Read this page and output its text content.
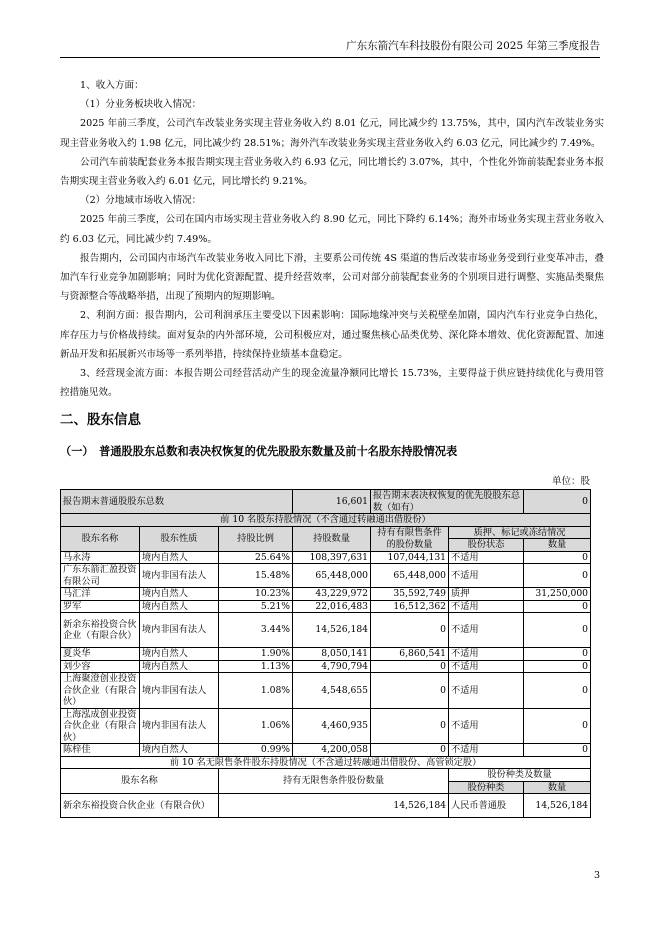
广东东箭汽车科技股份有限公司 2025 年第三季度报告

1、收入方面：

（1）分业务板块收入情况：

2025 年前三季度，公司汽车改装业务实现主营业务收入约 8.01 亿元，同比减少约 13.75%，其中，国内汽车改装业务实现主营业务收入约 1.98 亿元，同比减少约 28.51%；海外汽车改装业务实现主营业务收入约 6.03 亿元，同比减少约 7.49%。

公司汽车前装配套业务本报告期实现主营业务收入约 6.93 亿元，同比增长约 3.07%，其中，个性化外饰前装配套业务本报告期实现主营业务收入约 6.01 亿元，同比增长约 9.21%。

（2）分地域市场收入情况：

2025 年前三季度，公司在国内市场实现主营业务收入约 8.90 亿元，同比下降约 6.14%；海外市场业务实现主营业务收入约 6.03 亿元，同比减少约 7.49%。

报告期内，公司国内市场汽车改装业务收入同比下滑，主要系公司传统 4S 渠道的售后改装市场业务受到行业变革冲击，叠加汽车行业竞争加剧影响；同时为优化资源配置、提升经营效率，公司对部分前装配套业务的个别项目进行调整、实施品类聚焦与资源整合等战略举措，出现了预期内的短期影响。

2、利润方面：报告期内，公司利润承压主要受以下因素影响：国际地缘冲突与关税壁垒加剧，国内汽车行业竞争白热化，库存压力与价格战持续。面对复杂的内外部环境，公司积极应对，通过聚焦核心品类优势、深化降本增效、优化资源配置、加速新品开发和拓展新兴市场等一系列举措，持续保持业绩基本盘稳定。

3、经营现金流方面：本报告期公司经营活动产生的现金流量净额同比增长 15.73%，主要得益于供应链持续优化与费用管控措施见效。

二、股东信息
（一）　普通股股东总数和表决权恢复的优先股股东数量及前十名股东持股情况表
单位：股
报告期末普通股股东总数			16,601	报告期末表决权恢复的优先股股东总数（如有）		0
前 10 名股东持股情况（不含通过转融通出借股份）						
股东名称	股东性质	持股比例	持股数量	持有有限售条件的股份数量	质押、标记或冻结情况	
					股份状态	数量
马永涛	境内自然人	25.64%	108,397,631	107,044,131	不适用	0
广东东箭汇盈投资有限公司	境内非国有法人	15.48%	65,448,000	65,448,000	不适用	0
马汇洋	境内自然人	10.23%	43,229,972	35,592,749	质押	31,250,000
罗军	境内自然人	5.21%	22,016,483	16,512,362	不适用	0
新余东裕投资合伙企业（有限合伙）	境内非国有法人	3.44%	14,526,184	0	不适用	0
夏炎华	境内自然人	1.90%	8,050,141	6,860,541	不适用	0
刘少容	境内自然人	1.13%	4,790,794	0	不适用	0
上海聚澄创业投资合伙企业（有限合伙）	境内非国有法人	1.08%	4,548,655	0	不适用	0
上海泓成创业投资合伙企业（有限合伙）	境内非国有法人	1.06%	4,460,935	0	不适用	0
陈梓佳	境内自然人	0.99%	4,200,058	0	不适用	0
前 10 名无限售条件股东持股情况（不含通过转融通出借股份、高管锁定股）						
股东名称		持有无限售条件股份数量			股份种类及数量	
					股份种类	数量
新余东裕投资合伙企业（有限合伙）		14,526,184			人民币普通股	14,526,184
3
